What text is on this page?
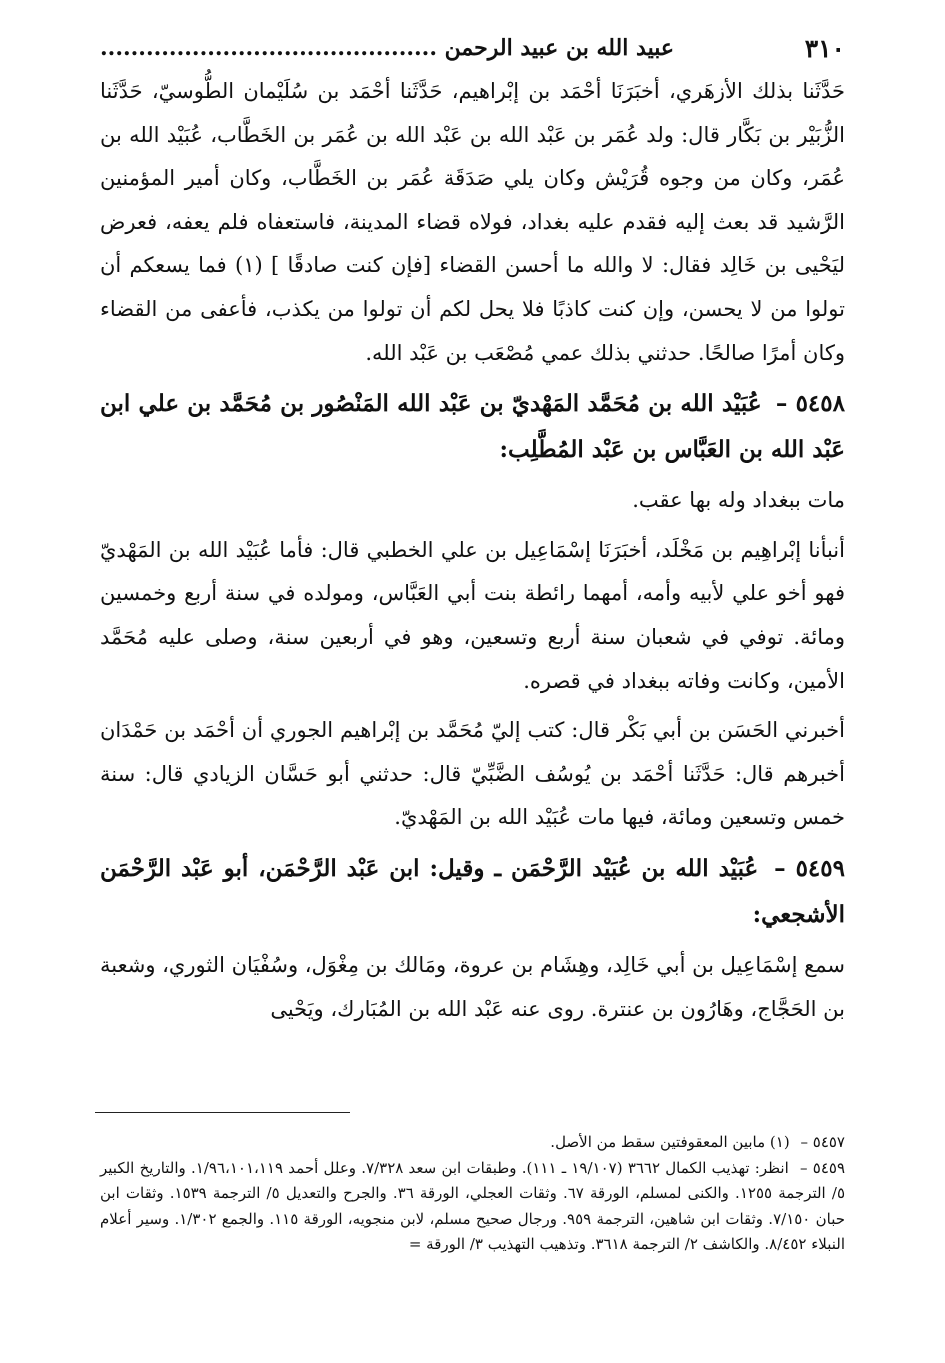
٣١٠
عبيد الله بن عبيد الرحمن ............................................

حَدَّثَنا بذلك الأزهَري، أخبَرَنَا أحْمَد بن إبْراهيم، حَدَّثَنا أحْمَد بن سُلَيْمان الطُّوسيّ، حَدَّثَنا الزُّبَيْر بن بَكَّار قال: ولد عُمَر بن عَبْد الله بن عَبْد الله بن عُمَر بن الخَطَّاب، عُبَيْد الله بن عُمَر، وكان من وجوه قُرَيْش وكان يلي صَدَقَة عُمَر بن الخَطَّاب، وكان أمير المؤمنين الرَّشيد قد بعث إليه فقدم عليه بغداد، فولاه قضاء المدينة، فاستعفاه فلم يعفه، فعرض ليَحْيى بن خَالِد فقال: لا والله ما أحسن القضاء [فإن كنت صادقًا ] (١) فما يسعكم أن تولوا من لا يحسن، وإن كنت كاذبًا فلا يحل لكم أن تولوا من يكذب، فأعفى من القضاء وكان أمرًا صالحًا. حدثني بذلك عمي مُصْعَب بن عَبْد الله.

٥٤٥٨ – عُبَيْد الله بن مُحَمَّد المَهْديّ بن عَبْد الله المَنْصُور بن مُحَمَّد بن علي ابن عَبْد الله بن العَبَّاس بن عَبْد المُطَّلِب:

مات ببغداد وله بها عقب.

أنبأنا إبْراهِيم بن مَخْلَد، أخبَرَنَا إسْمَاعِيل بن علي الخطبي قال: فأما عُبَيْد الله بن المَهْديّ فهو أخو علي لأبيه وأمه، أمهما رائطة بنت أبي العَبَّاس، ومولده في سنة أربع وخمسين ومائة. توفي في شعبان سنة أربع وتسعين، وهو في أربعين سنة، وصلى عليه مُحَمَّد الأمين، وكانت وفاته ببغداد في قصره.

أخبرني الحَسَن بن أبي بَكْر قال: كتب إليّ مُحَمَّد بن إبْراهيم الجوري أن أحْمَد بن حَمْدَان أخبرهم قال: حَدَّثَنا أحْمَد بن يُوسُف الضَّبِّيّ قال: حدثني أبو حَسَّان الزيادي قال: سنة خمس وتسعين ومائة، فيها مات عُبَيْد الله بن المَهْديّ.

٥٤٥٩ – عُبَيْد الله بن عُبَيْد الرَّحْمَن ـ وقيل: ابن عَبْد الرَّحْمَن، أبو عَبْد الرَّحْمَن الأشجعي:

سمع إسْمَاعِيل بن أبي خَالِد، وهِشَام بن عروة، ومَالك بن مِغْوَل، وسُفْيَان الثوري، وشعبة بن الحَجَّاج، وهَارُون بن عنترة. روى عنه عَبْد الله بن المُبَارك، ويَحْيى

٥٤٥٧ – (١) مابين المعقوفتين سقط من الأصل.

٥٤٥٩ – انظر: تهذيب الكمال ٣٦٦٢ (١٩/١٠٧ ـ ١١١). وطبقات ابن سعد ٧/٣٢٨. وعلل أحمد ١/٩٦،١٠١،١١٩. والتاريخ الكبير ٥/ الترجمة ١٢٥٥. والكنى لمسلم، الورقة ٦٧. وثقات العجلي، الورقة ٣٦. والجرح والتعديل ٥/ الترجمة ١٥٣٩. وثقات ابن حبان ٧/١٥٠. وثقات ابن شاهين، الترجمة ٩٥٩. ورجال صحيح مسلم، لابن منجويه، الورقة ١١٥. والجمع ١/٣٠٢. وسير أعلام النبلاء ٨/٤٥٢. والكاشف ٢/ الترجمة ٣٦١٨. وتذهيب التهذيب ٣/ الورقة =
